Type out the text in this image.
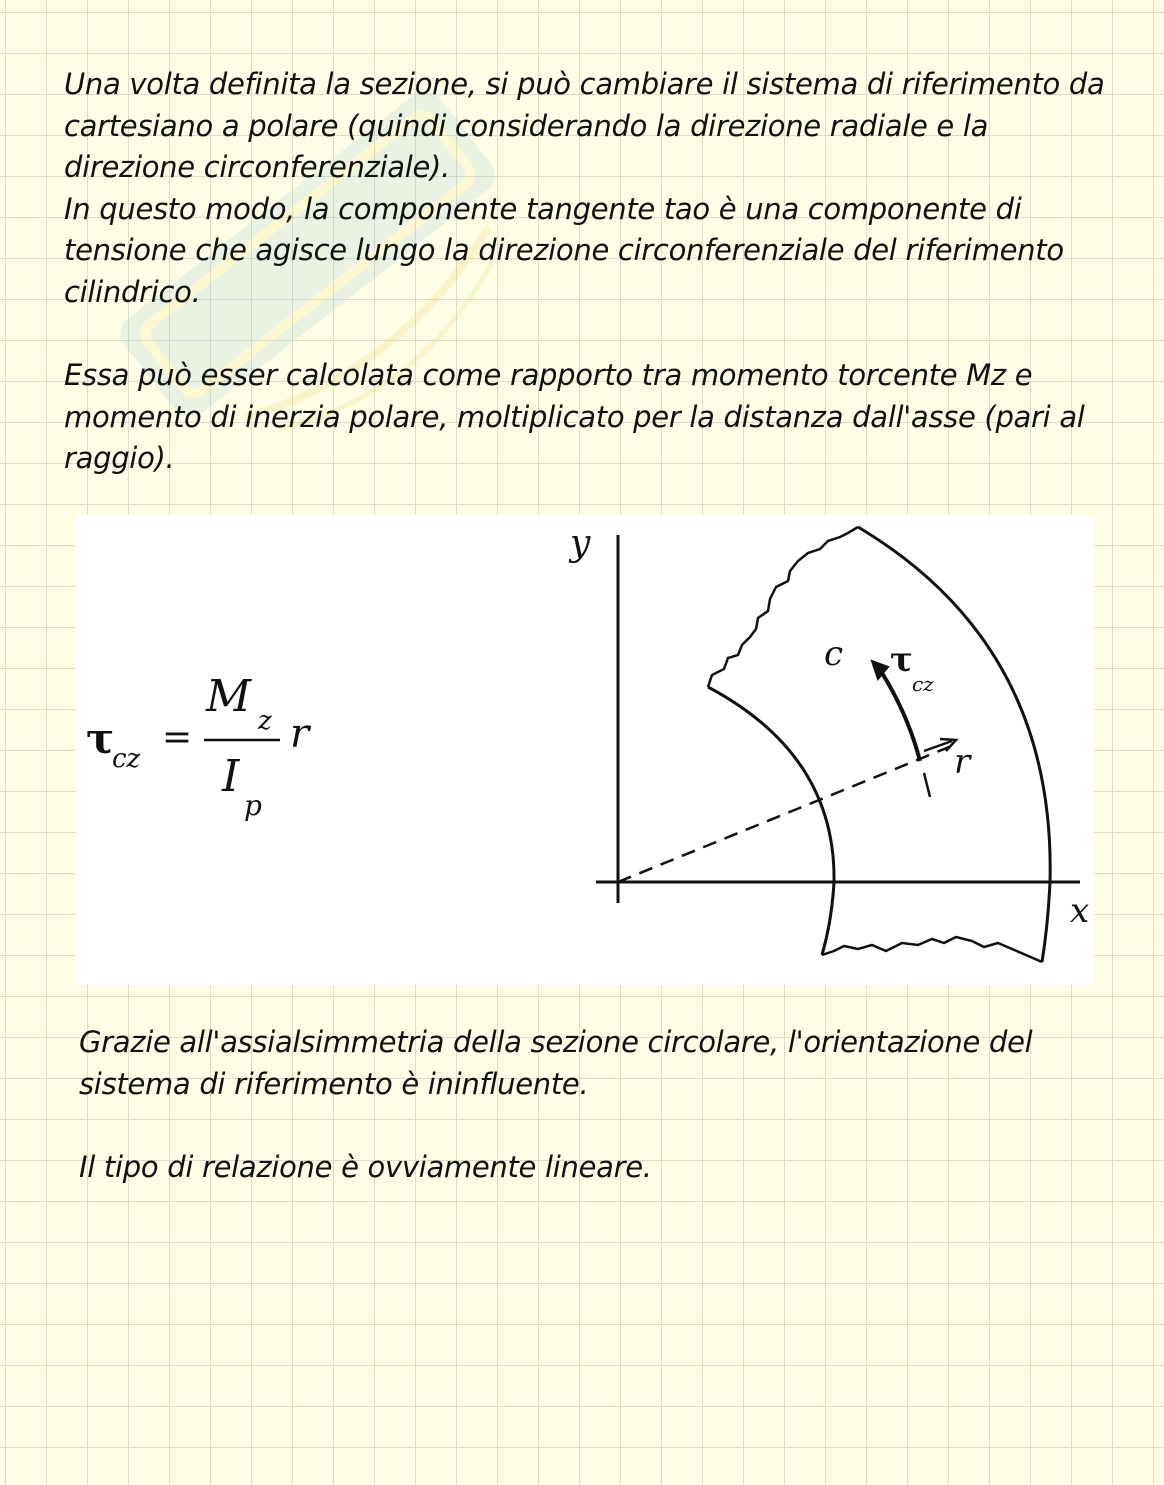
Una volta definita la sezione, si può cambiare il sistema di riferimento da
cartesiano a polare (quindi considerando la direzione radiale e la
direzione circonferenziale).
In questo modo, la componente tangente tao è una componente di
tensione che agisce lungo la direzione circonferenziale del riferimento
cilindrico.
Essa può esser calcolata come rapporto tra momento torcente Mz e
momento di inerzia polare, moltiplicato per la distanza dall'asse (pari al
raggio).
τ
cz
=
M z
I
p
r
y
x
c τ
cz
r
Grazie all'assialsimmetria della sezione circolare, l'orientazione del
sistema di riferimento è ininfluente.
Il tipo di relazione è ovviamente lineare.
